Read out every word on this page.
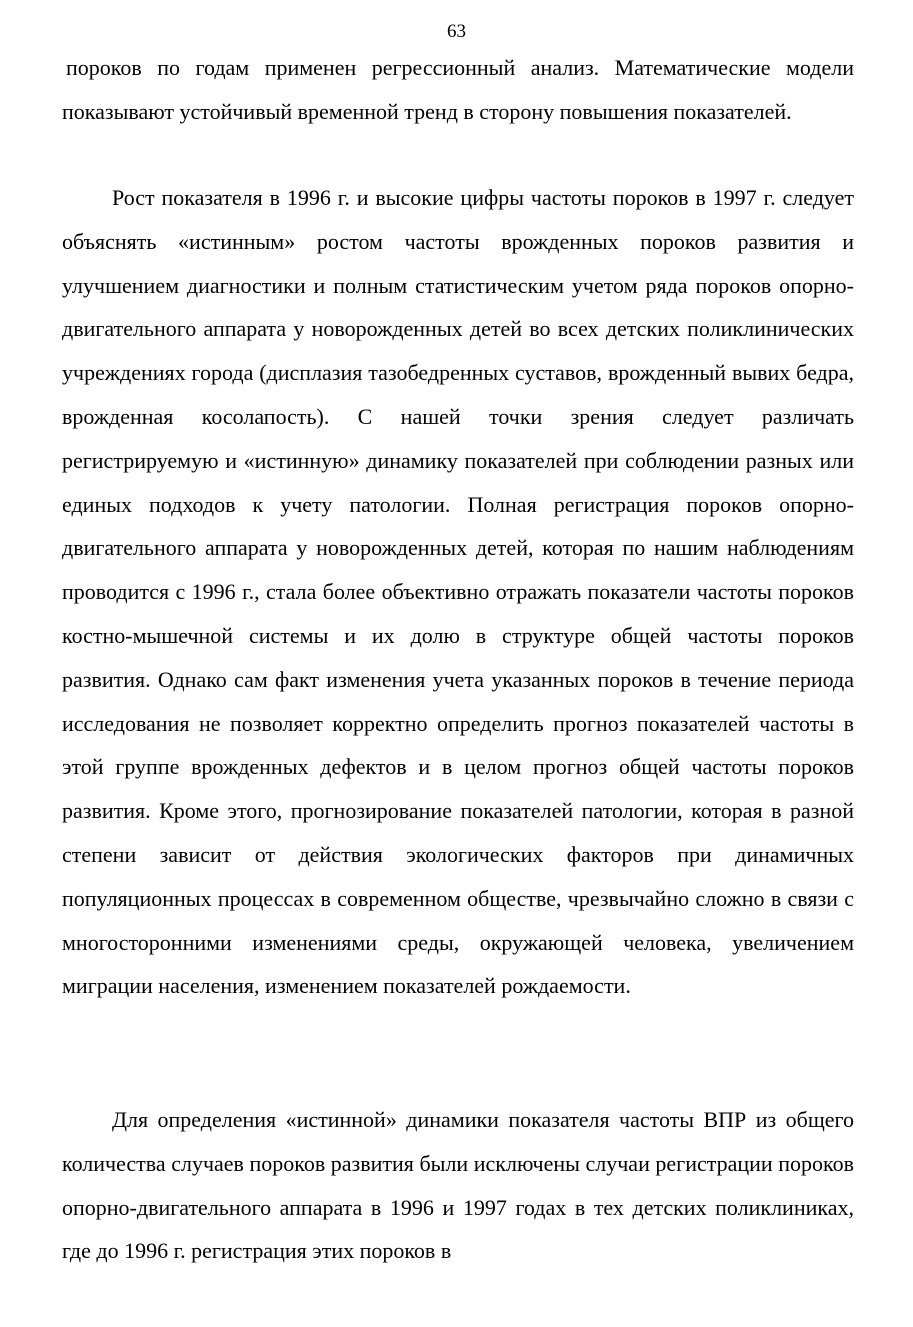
63
пороков по годам применен регрессионный анализ. Математические модели показывают устойчивый временной тренд в сторону повышения показателей.
Рост показателя в 1996 г. и высокие цифры частоты пороков в 1997 г. следует объяснять «истинным» ростом частоты врожденных пороков развития и улучшением диагностики и полным статистическим учетом ряда пороков опорно-двигательного аппарата у новорожденных детей во всех детских поликлинических учреждениях города (дисплазия тазобедренных суставов, врожденный вывих бедра, врожденная косолапость). С нашей точки зрения следует различать регистрируемую и «истинную» динамику показателей при соблюдении разных или единых подходов к учету патологии. Полная регистрация пороков опорно-двигательного аппарата у новорожденных детей, которая по нашим наблюдениям проводится с 1996 г., стала более объективно отражать показатели частоты пороков костно-мышечной системы и их долю в структуре общей частоты пороков развития. Однако сам факт изменения учета указанных пороков в течение периода исследования не позволяет корректно определить прогноз показателей частоты в этой группе врожденных дефектов и в целом прогноз общей частоты пороков развития. Кроме этого, прогнозирование показателей патологии, которая в разной степени зависит от действия экологических факторов при динамичных популяционных процессах в современном обществе, чрезвычайно сложно в связи с многосторонними изменениями среды, окружающей человека, увеличением миграции населения, изменением показателей рождаемости.
Для определения «истинной» динамики показателя частоты ВПР из общего количества случаев пороков развития были исключены случаи регистрации пороков опорно-двигательного аппарата в 1996 и 1997 годах в тех детских поликлиниках, где до 1996 г. регистрация этих пороков в
